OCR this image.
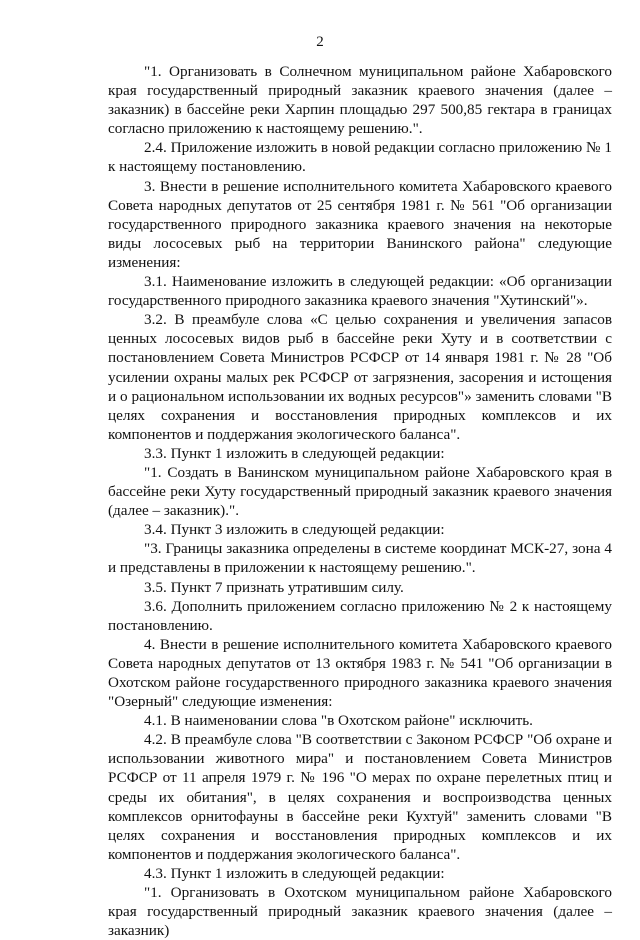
2

"1. Организовать в Солнечном муниципальном районе Хабаровского края государственный природный заказник краевого значения (далее – заказник) в бассейне реки Харпин площадью 297 500,85 гектара в границах согласно приложению к настоящему решению.".

2.4. Приложение изложить в новой редакции согласно приложению № 1 к настоящему постановлению.

3. Внести в решение исполнительного комитета Хабаровского краевого Совета народных депутатов от 25 сентября 1981 г. № 561 "Об организации государственного природного заказника краевого значения на некоторые виды лососевых рыб на территории Ванинского района" следующие изменения:

3.1. Наименование изложить в следующей редакции: «Об организации государственного природного заказника краевого значения "Хутинский"».

3.2. В преамбуле слова «С целью сохранения и увеличения запасов ценных лососевых видов рыб в бассейне реки Хуту и в соответствии с постановлением Совета Министров РСФСР от 14 января 1981 г. № 28 "Об усилении охраны малых рек РСФСР от загрязнения, засорения и истощения и о рациональном использовании их водных ресурсов"» заменить словами "В целях сохранения и восстановления природных комплексов и их компонентов и поддержания экологического баланса".

3.3. Пункт 1 изложить в следующей редакции:

"1. Создать в Ванинском муниципальном районе Хабаровского края в бассейне реки Хуту государственный природный заказник краевого значения (далее – заказник).".

3.4. Пункт 3 изложить в следующей редакции:

"3. Границы заказника определены в системе координат МСК-27, зона 4 и представлены в приложении к настоящему решению.".

3.5. Пункт 7 признать утратившим силу.

3.6. Дополнить приложением согласно приложению № 2 к настоящему постановлению.

4. Внести в решение исполнительного комитета Хабаровского краевого Совета народных депутатов от 13 октября 1983 г. № 541 "Об организации в Охотском районе государственного природного заказника краевого значения "Озерный" следующие изменения:

4.1. В наименовании слова "в Охотском районе" исключить.

4.2. В преамбуле слова "В соответствии с Законом РСФСР "Об охране и использовании животного мира" и постановлением Совета Министров РСФСР от 11 апреля 1979 г. № 196 "О мерах по охране перелетных птиц и среды их обитания", в целях сохранения и воспроизводства ценных комплексов орнитофауны в бассейне реки Кухтуй" заменить словами "В целях сохранения и восстановления природных комплексов и их компонентов и поддержания экологического баланса".

4.3. Пункт 1 изложить в следующей редакции:

"1. Организовать в Охотском муниципальном районе Хабаровского края государственный природный заказник краевого значения (далее – заказник)
